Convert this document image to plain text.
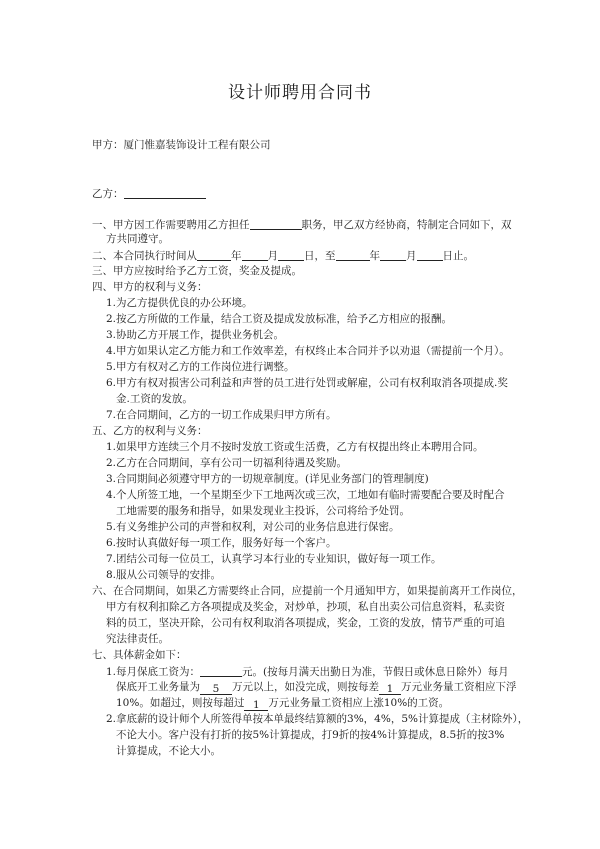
设计师聘用合同书
甲方：厦门惟嘉装饰设计工程有限公司
乙方：
一、甲方因工作需要聘用乙方担任	职务，甲乙双方经协商，特制定合同如下，双
方共同遵守。
二、本合同执行时间从	年 月 日，至	年 月 日止。
三、甲方应按时给予乙方工资，奖金及提成。
四、甲方的权利与义务：
1.为乙方提供优良的办公环境。
2.按乙方所做的工作量，结合工资及提成发放标准，给予乙方相应的报酬。
3.协助乙方开展工作，提供业务机会。
4.甲方如果认定乙方能力和工作效率差，有权终止本合同并予以劝退（需提前一个月）。
5.甲方有权对乙方的工作岗位进行调整。
6.甲方有权对损害公司利益和声誉的员工进行处罚或解雇，公司有权利取消各项提成.奖
金.工资的发放。
7.在合同期间，乙方的一切工作成果归甲方所有。
五、乙方的权利与义务：
1.如果甲方连续三个月不按时发放工资或生活费，乙方有权提出终止本聘用合同。
2.乙方在合同期间，享有公司一切福利待遇及奖励。
3.合同期间必须遵守甲方的一切规章制度。(详见业务部门的管理制度)
4.个人所签工地，一个星期至少下工地两次或三次，工地如有临时需要配合要及时配合
工地需要的服务和指导，如果发现业主投诉，公司将给予处罚。
5.有义务维护公司的声誉和权利，对公司的业务信息进行保密。
6.按时认真做好每一项工作，服务好每一个客户。
7.团结公司每一位员工，认真学习本行业的专业知识，做好每一项工作。
8.服从公司领导的安排。
六、在合同期间，如果乙方需要终止合同，应提前一个月通知甲方，如果提前离开工作岗位，
甲方有权利扣除乙方各项提成及奖金，对炒单，抄项，私自出卖公司信息资料，私卖资
料的员工，坚决开除，公司有权利取消各项提成，奖金，工资的发放，情节严重的可追
究法律责任。
七、具体薪金如下：
1.每月保底工资为：	元。(按每月满天出勤日为准，节假日或休息日除外）每月
保底开工业务量为 5 万元以上，如没完成，则按每差 1 万元业务量工资相应下浮
10%。如超过，则按每超过 1 万元业务量工资相应上涨10%的工资。
2.拿底薪的设计师个人所签得单按本单最终结算额的3%，4%，5%计算提成（主材除外），
不论大小。客户没有打折的按5%计算提成，打9折的按4%计算提成，8.5折的按3%
计算提成，不论大小。
